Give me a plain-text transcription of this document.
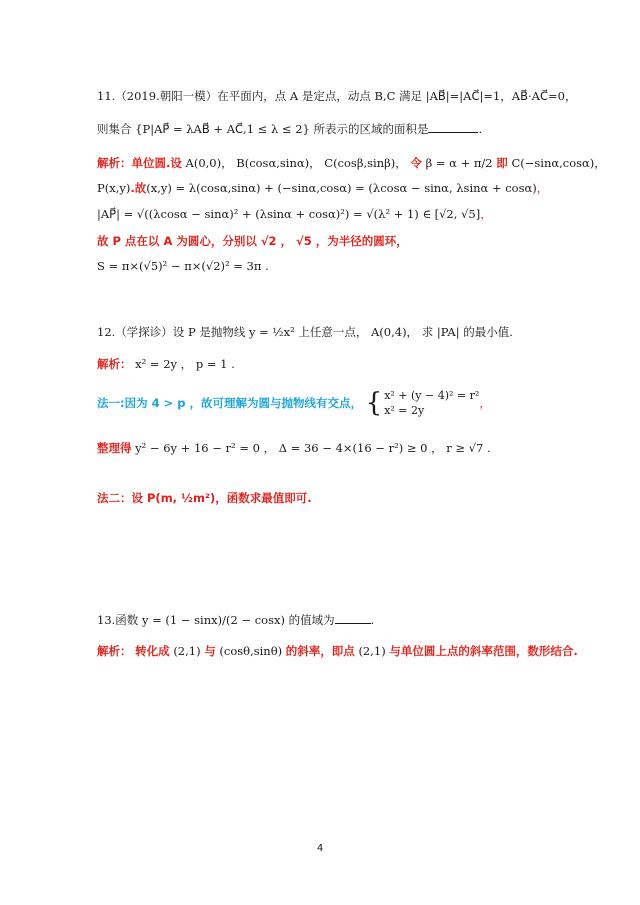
11.（2019.朝阳一模）在平面内，点 A 是定点，动点 B,C 满足 |AB⃗|=|AC⃗|=1，AB⃗·AC⃗=0，
则集合 {P|AP⃗ = λAB⃗ + AC⃗,1 ≤ λ ≤ 2} 所表示的区域的面积是	.
解析：单位圆.设 A(0,0)， B(cosα,sinα)， C(cosβ,sinβ)， 令 β = α + π/2 即 C(−sinα,cosα)，
P(x,y).故(x,y) = λ(cosα,sinα) + (−sinα,cosα) = (λcosα − sinα, λsinα + cosα)，
|AP⃗| = √((λcosα − sinα)² + (λsinα + cosα)²) = √(λ² + 1) ∈ [√2, √5]，
故 P 点在以 A 为圆心，分别以 √2 ， √5 ，为半径的圆环，
S = π×(√5)² − π×(√2)² = 3π .
12.（学探诊）设 P 是抛物线 y = ½x² 上任意一点， A(0,4)， 求 |PA| 的最小值.
解析： x² = 2y ， p = 1 .
法一:因为 4 > p ，故可理解为圆与抛物线有交点， { x² + (y − 4)² = r²
x² = 2y，
整理得 y² − 6y + 16 − r² = 0 ， Δ = 36 − 4×(16 − r²) ≥ 0 ， r ≥ √7 .
法二：设 P(m, ½m²)，函数求最值即可.
13.函数 y = (1 − sinx)/(2 − cosx) 的值域为	.
解析： 转化成 (2,1) 与 (cosθ,sinθ) 的斜率，即点 (2,1) 与单位圆上点的斜率范围，数形结合.
4
